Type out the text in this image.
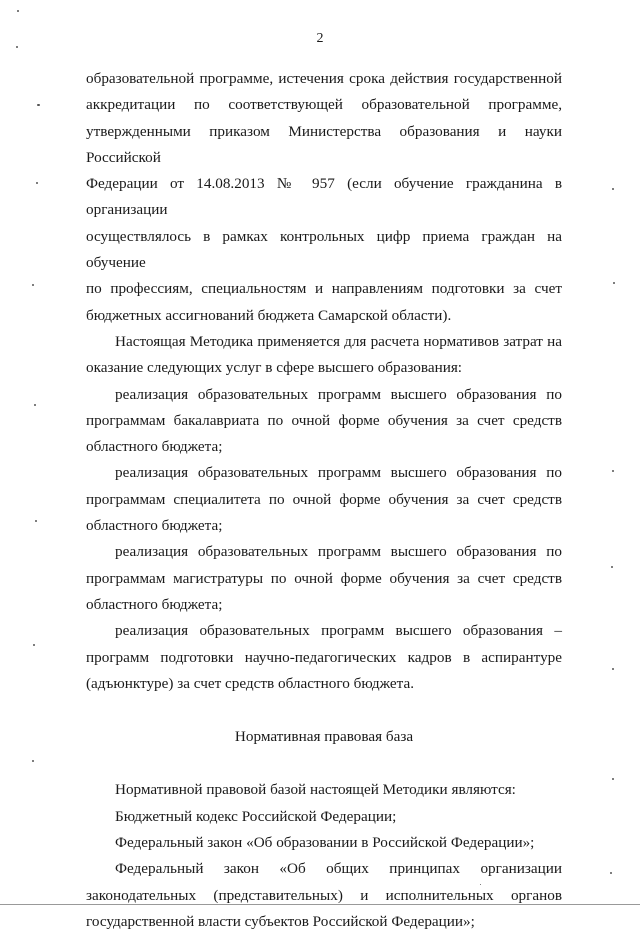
2

образовательной программе, истечения срока действия государственной

аккредитации по соответствующей образовательной программе,

утвержденными приказом Министерства образования и науки Российской

Федерации от 14.08.2013 № 957 (если обучение гражданина в организации

осуществлялось в рамках контрольных цифр приема граждан на обучение

по профессиям, специальностям и направлениям подготовки за счет

бюджетных ассигнований бюджета Самарской области).

Настоящая Методика применяется для расчета нормативов затрат на

оказание следующих услуг в сфере высшего образования:

реализация образовательных программ высшего образования по

программам бакалавриата по очной форме обучения за счет средств

областного бюджета;

реализация образовательных программ высшего образования по

программам специалитета по очной форме обучения за счет средств

областного бюджета;

реализация образовательных программ высшего образования по

программам магистратуры по очной форме обучения за счет средств

областного бюджета;

реализация образовательных программ высшего образования –

программ подготовки научно-педагогических кадров в аспирантуре

(адъюнктуре) за счет средств областного бюджета.

Нормативная правовая база

Нормативной правовой базой настоящей Методики являются:

Бюджетный кодекс Российской Федерации;

Федеральный закон «Об образовании в Российской Федерации»;

Федеральный закон «Об общих принципах организации

законодательных (представительных) и исполнительных органов

государственной власти субъектов Российской Федерации»;
